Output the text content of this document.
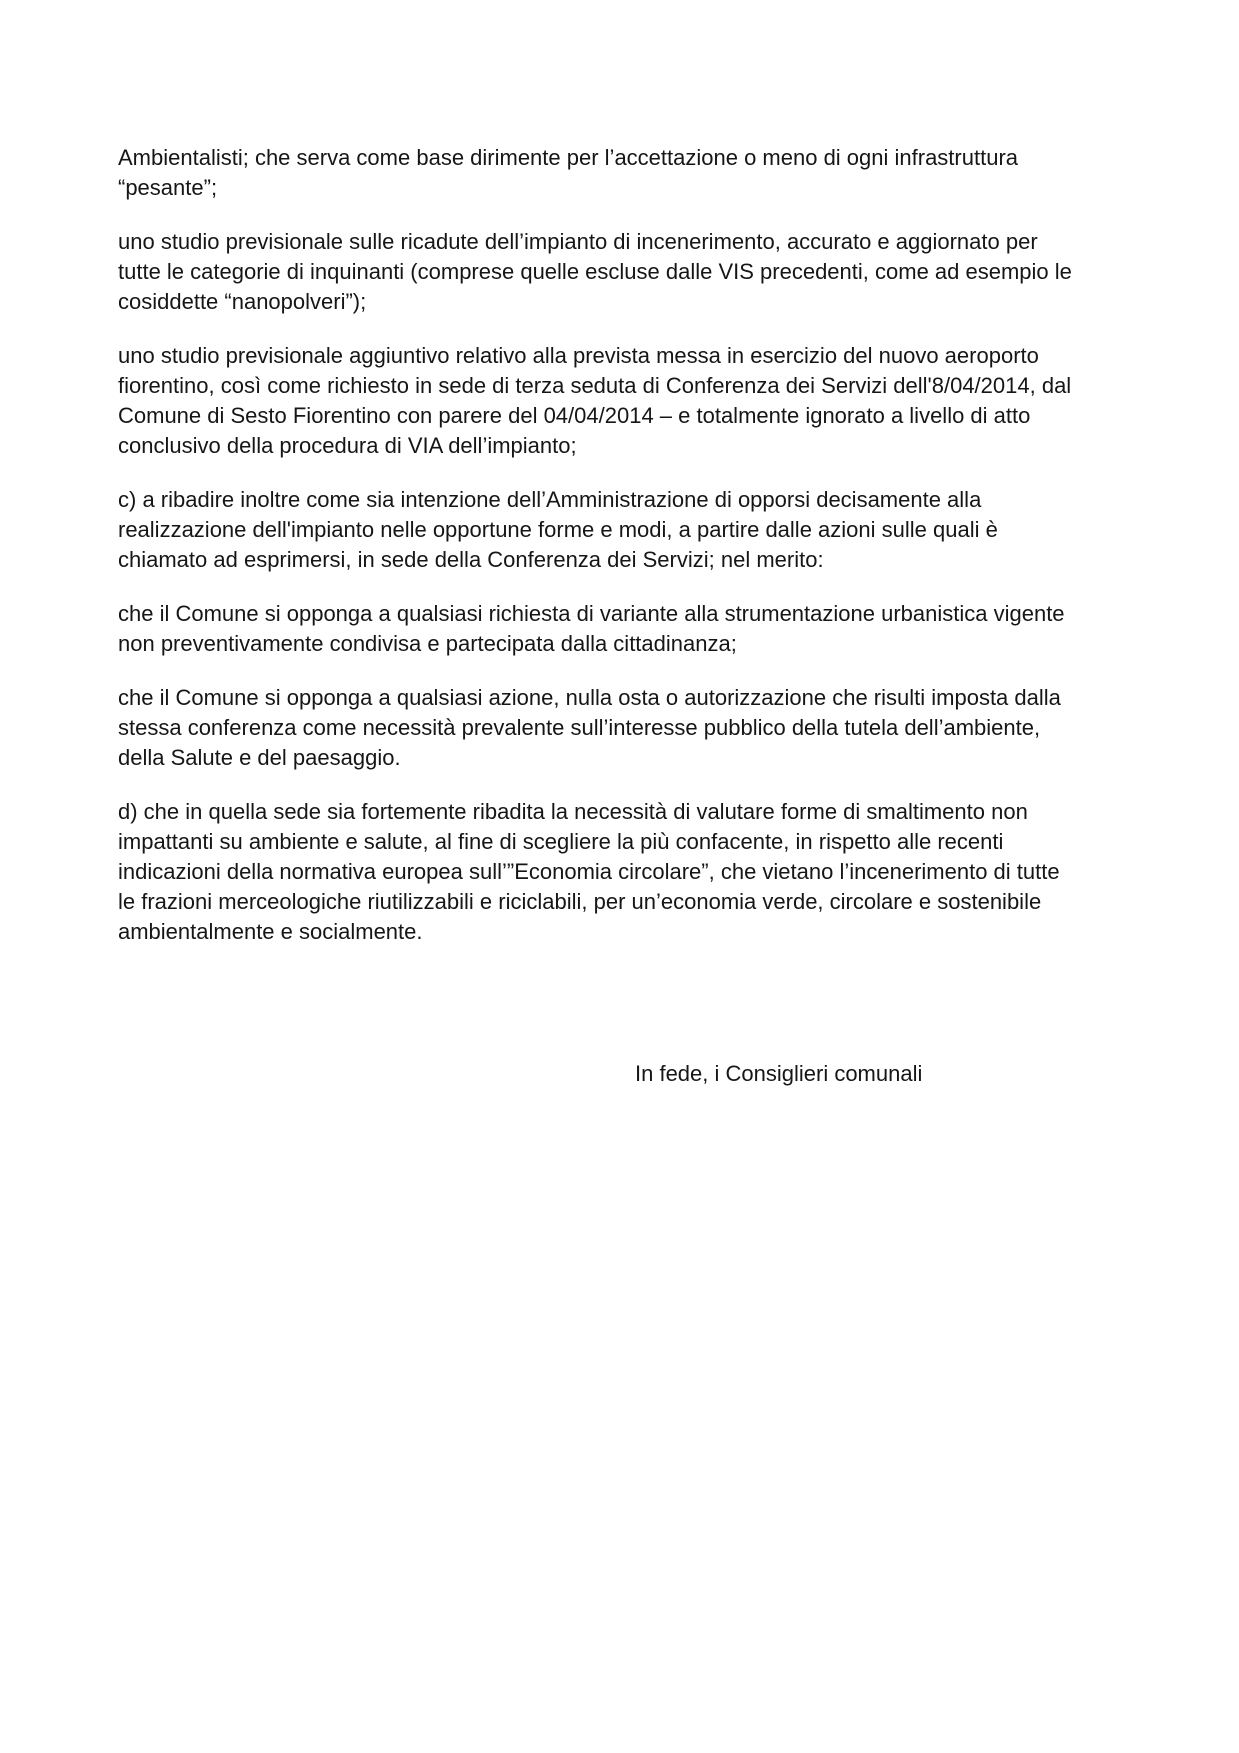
Ambientalisti; che serva come base dirimente per l’accettazione o meno di ogni infrastruttura
“pesante”;
uno studio previsionale sulle ricadute dell’impianto di incenerimento, accurato e aggiornato per
tutte le categorie di inquinanti (comprese quelle escluse dalle VIS precedenti, come ad esempio le
cosiddette “nanopolveri”);
uno studio previsionale aggiuntivo relativo alla prevista messa in esercizio del nuovo aeroporto
fiorentino, così come richiesto in sede di terza seduta di Conferenza dei Servizi dell'8/04/2014, dal
Comune di Sesto Fiorentino con parere del 04/04/2014 – e totalmente ignorato a livello di atto
conclusivo della procedura di VIA dell’impianto;
c) a ribadire inoltre come sia intenzione dell’Amministrazione di opporsi decisamente alla
realizzazione dell'impianto nelle opportune forme e modi, a partire dalle azioni sulle quali è
chiamato ad esprimersi, in sede della Conferenza dei Servizi; nel merito:
che il Comune si opponga a qualsiasi richiesta di variante alla strumentazione urbanistica vigente
non preventivamente condivisa e partecipata dalla cittadinanza;
che il Comune si opponga a qualsiasi azione, nulla osta o autorizzazione che risulti imposta dalla
stessa conferenza come necessità prevalente sull’interesse pubblico della tutela dell’ambiente,
della Salute e del paesaggio.
d) che in quella sede sia fortemente ribadita la necessità di valutare forme di smaltimento non
impattanti su ambiente e salute, al fine di scegliere la più confacente, in rispetto alle recenti
indicazioni della normativa europea sull’”Economia circolare”, che vietano l’incenerimento di tutte
le frazioni merceologiche riutilizzabili e riciclabili, per un’economia verde, circolare e sostenibile
ambientalmente e socialmente.
In fede, i Consiglieri comunali
